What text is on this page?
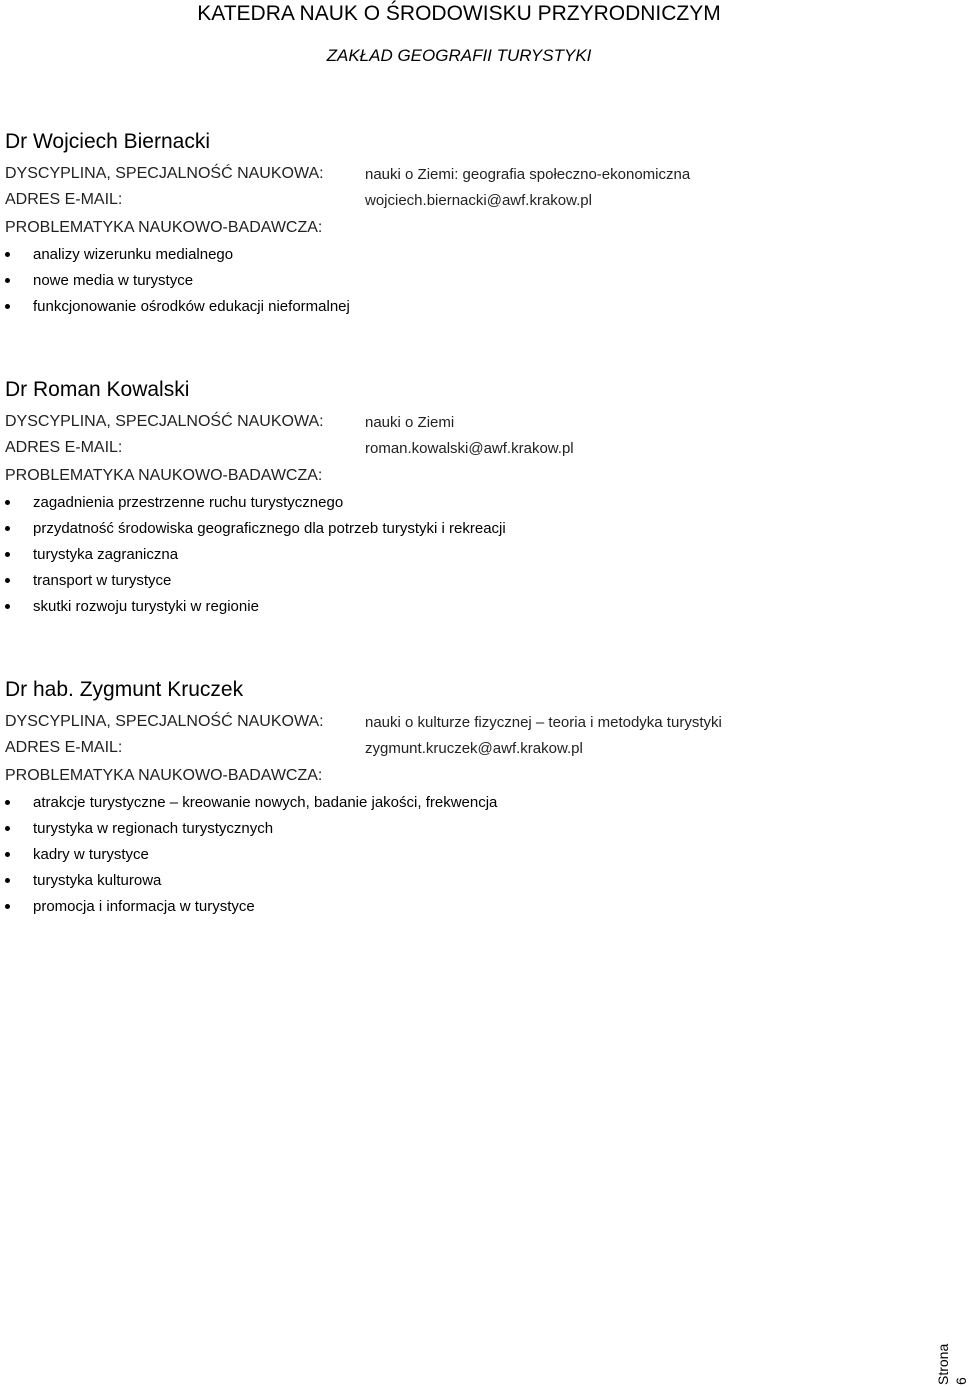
KATEDRA NAUK O ŚRODOWISKU PRZYRODNICZYM
ZAKŁAD GEOGRAFII TURYSTYKI
Dr Wojciech Biernacki
DYSCYPLINA, SPECJALNOŚĆ NAUKOWA:	nauki o Ziemi: geografia społeczno-ekonomiczna
ADRES E-MAIL:	wojciech.biernacki@awf.krakow.pl
PROBLEMATYKA NAUKOWO-BADAWCZA:
analizy wizerunku medialnego
nowe media w turystyce
funkcjonowanie ośrodków edukacji nieformalnej
Dr Roman Kowalski
DYSCYPLINA, SPECJALNOŚĆ NAUKOWA:	nauki o Ziemi
ADRES E-MAIL:	roman.kowalski@awf.krakow.pl
PROBLEMATYKA NAUKOWO-BADAWCZA:
zagadnienia przestrzenne ruchu turystycznego
przydatność środowiska geograficznego dla potrzeb turystyki i rekreacji
turystyka zagraniczna
transport w turystyce
skutki rozwoju turystyki w regionie
Dr hab. Zygmunt Kruczek
DYSCYPLINA, SPECJALNOŚĆ NAUKOWA:	nauki o kulturze fizycznej – teoria i metodyka turystyki
ADRES E-MAIL:	zygmunt.kruczek@awf.krakow.pl
PROBLEMATYKA NAUKOWO-BADAWCZA:
atrakcje turystyczne – kreowanie nowych, badanie jakości, frekwencja
turystyka w regionach turystycznych
kadry w turystyce
turystyka kulturowa
promocja i informacja w turystyce
Strona 6
